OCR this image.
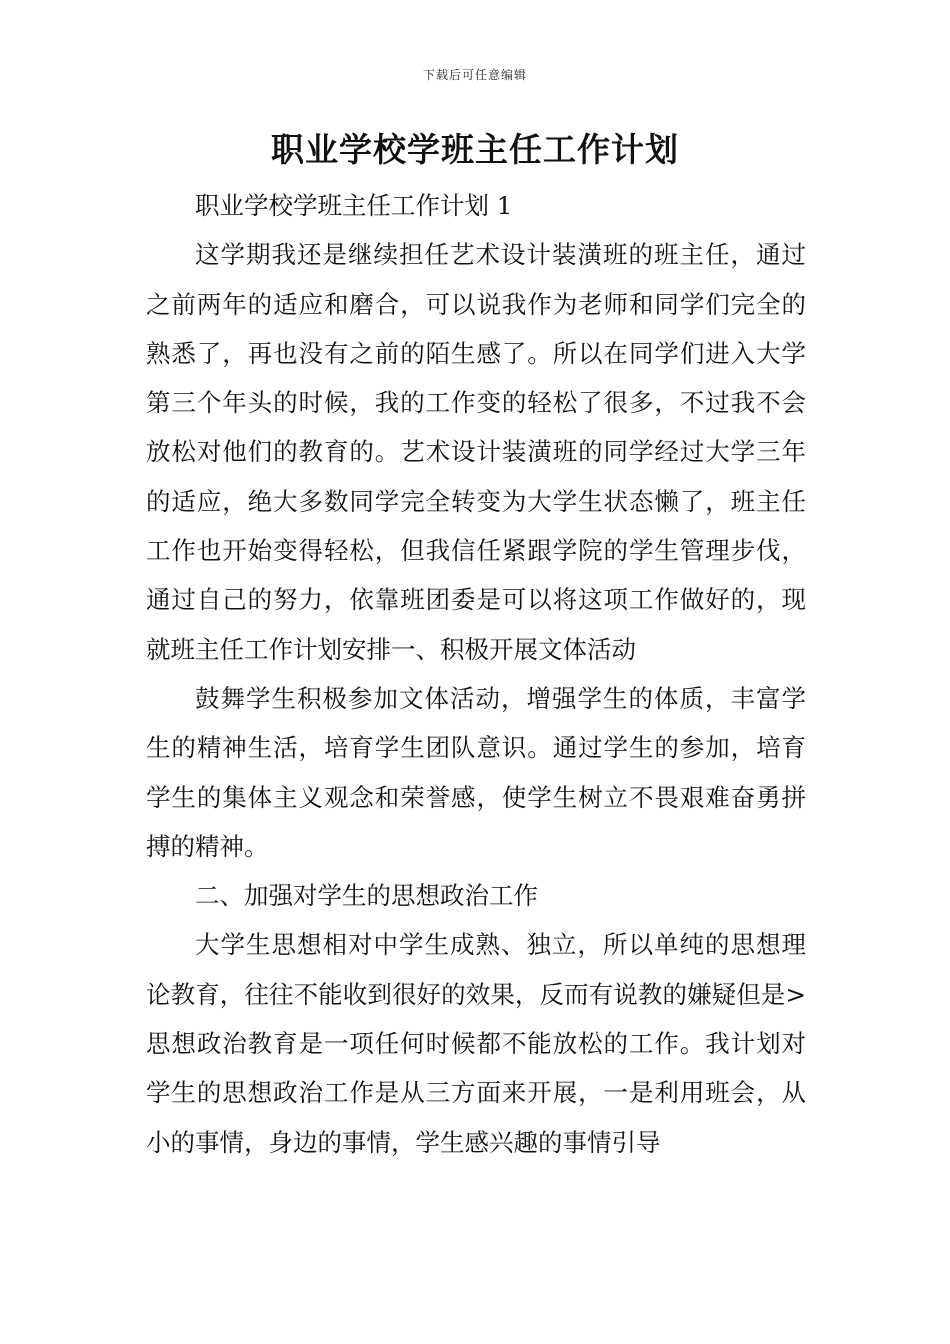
下载后可任意编辑
职业学校学班主任工作计划

职业学校学班主任工作计划 1

这学期我还是继续担任艺术设计装潢班的班主任，通过之前两年的适应和磨合，可以说我作为老师和同学们完全的熟悉了，再也没有之前的陌生感了。所以在同学们进入大学第三个年头的时候，我的工作变的轻松了很多，不过我不会放松对他们的教育的。艺术设计装潢班的同学经过大学三年的适应，绝大多数同学完全转变为大学生状态懒了，班主任工作也开始变得轻松，但我信任紧跟学院的学生管理步伐，通过自己的努力，依靠班团委是可以将这项工作做好的，现就班主任工作计划安排一、积极开展文体活动

鼓舞学生积极参加文体活动，增强学生的体质，丰富学生的精神生活，培育学生团队意识。通过学生的参加，培育学生的集体主义观念和荣誉感，使学生树立不畏艰难奋勇拼搏的精神。

二、加强对学生的思想政治工作

大学生思想相对中学生成熟、独立，所以单纯的思想理论教育，往往不能收到很好的效果，反而有说教的嫌疑但是>思想政治教育是一项任何时候都不能放松的工作。我计划对学生的思想政治工作是从三方面来开展，一是利用班会，从小的事情，身边的事情，学生感兴趣的事情引导
